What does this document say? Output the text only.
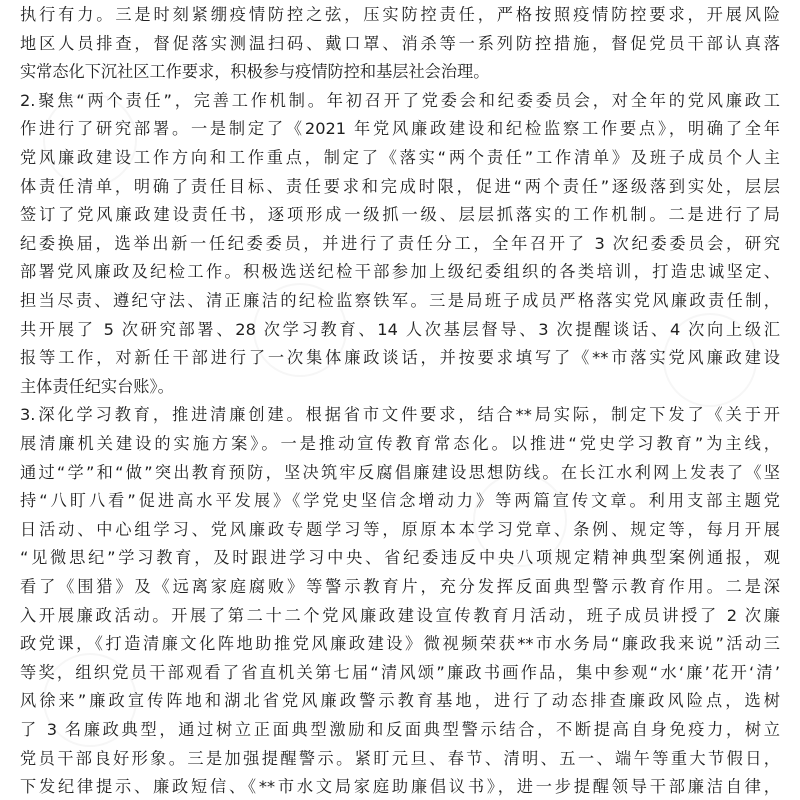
执行有力。三是时刻紧绷疫情防控之弦，压实防控责任，严格按照疫情防控要求，开展风险
地区人员排查，督促落实测温扫码、戴口罩、消杀等一系列防控措施，督促党员干部认真落
实常态化下沉社区工作要求，积极参与疫情防控和基层社会治理。
2.聚焦“两个责任”，完善工作机制。年初召开了党委会和纪委委员会，对全年的党风廉政工
作进行了研究部署。一是制定了《2021 年党风廉政建设和纪检监察工作要点》，明确了全年
党风廉政建设工作方向和工作重点，制定了《落实“两个责任”工作清单》及班子成员个人主
体责任清单，明确了责任目标、责任要求和完成时限，促进“两个责任”逐级落到实处，层层
签订了党风廉政建设责任书，逐项形成一级抓一级、层层抓落实的工作机制。二是进行了局
纪委换届，选举出新一任纪委委员，并进行了责任分工，全年召开了 3 次纪委委员会，研究
部署党风廉政及纪检工作。积极选送纪检干部参加上级纪委组织的各类培训，打造忠诚坚定、
担当尽责、遵纪守法、清正廉洁的纪检监察铁军。三是局班子成员严格落实党风廉政责任制，
共开展了 5 次研究部署、28 次学习教育、14 人次基层督导、3 次提醒谈话、4 次向上级汇
报等工作，对新任干部进行了一次集体廉政谈话，并按要求填写了《**市落实党风廉政建设
主体责任纪实台账》。
3.深化学习教育，推进清廉创建。根据省市文件要求，结合**局实际，制定下发了《关于开
展清廉机关建设的实施方案》。一是推动宣传教育常态化。以推进“党史学习教育”为主线，
通过“学”和“做”突出教育预防，坚决筑牢反腐倡廉建设思想防线。在长江水利网上发表了《坚
持“八盯八看”促进高水平发展》《学党史坚信念增动力》等两篇宣传文章。利用支部主题党
日活动、中心组学习、党风廉政专题学习等，原原本本学习党章、条例、规定等，每月开展
“见微思纪”学习教育，及时跟进学习中央、省纪委违反中央八项规定精神典型案例通报，观
看了《围猎》及《远离家庭腐败》等警示教育片，充分发挥反面典型警示教育作用。二是深
入开展廉政活动。开展了第二十二个党风廉政建设宣传教育月活动，班子成员讲授了 2 次廉
政党课，《打造清廉文化阵地助推党风廉政建设》微视频荣获**市水务局“廉政我来说”活动三
等奖，组织党员干部观看了省直机关第七届“清风颂”廉政书画作品，集中参观“水‘廉’花开‘清’
风徐来”廉政宣传阵地和湖北省党风廉政警示教育基地，进行了动态排查廉政风险点，选树
了 3 名廉政典型，通过树立正面典型激励和反面典型警示结合，不断提高自身免疫力，树立
党员干部良好形象。三是加强提醒警示。紧盯元旦、春节、清明、五一、端午等重大节假日，
下发纪律提示、廉政短信、《**市水文局家庭助廉倡议书》，进一步提醒领导干部廉洁自律，
